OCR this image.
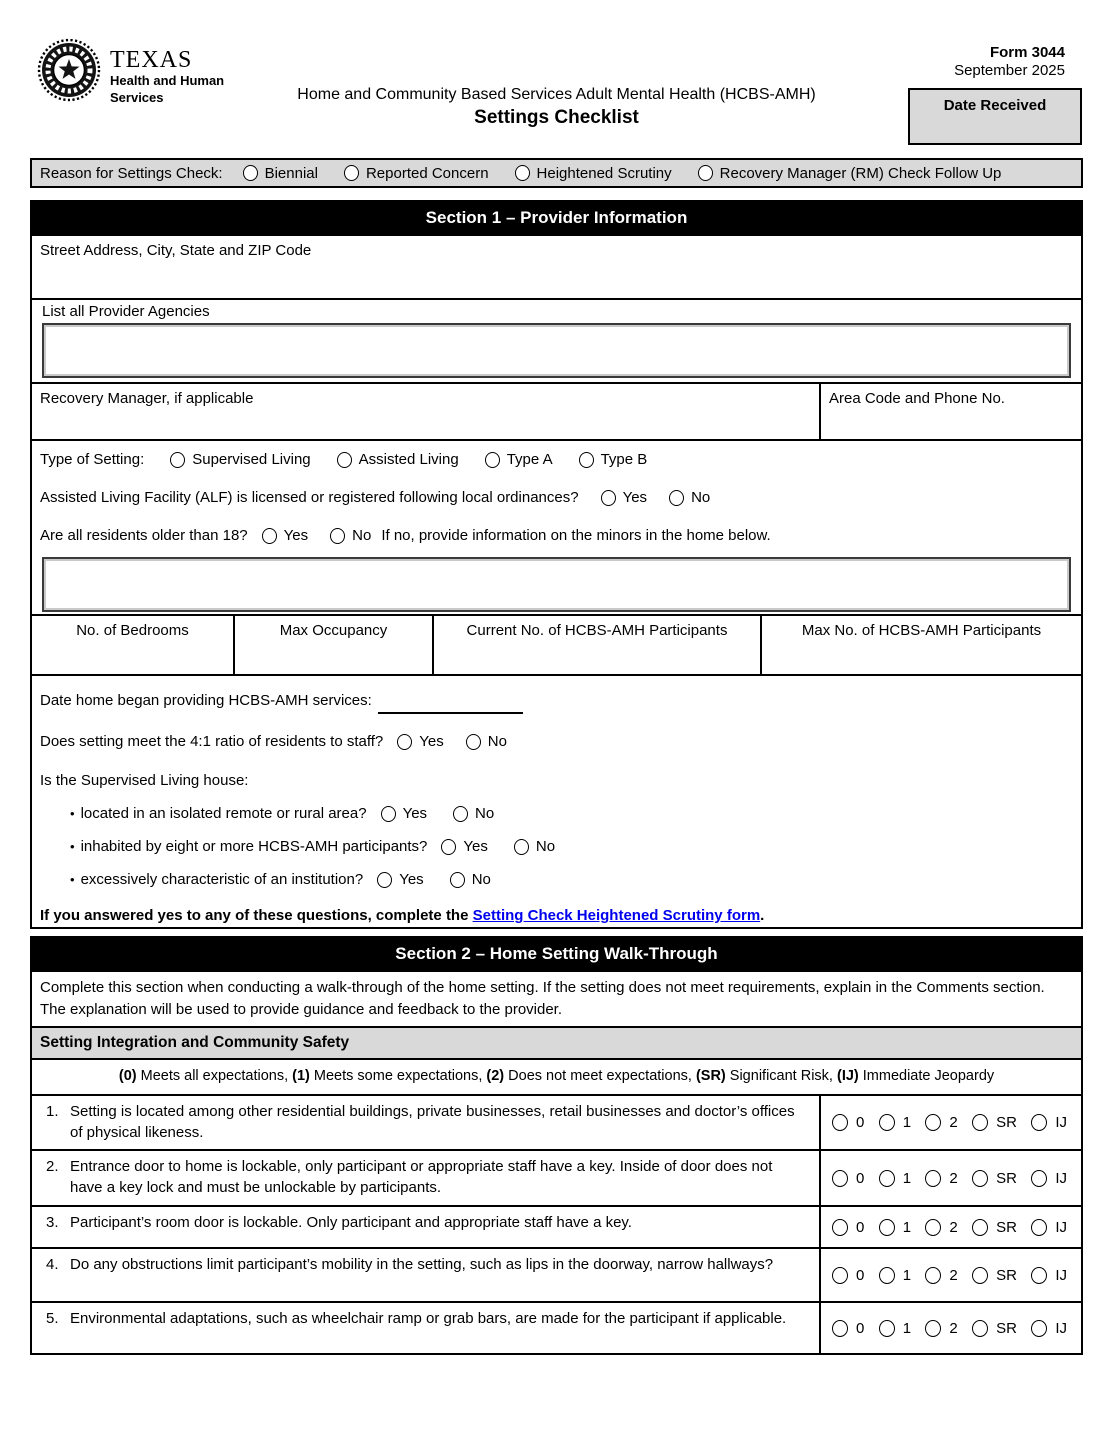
TEXAS
Health and Human
Services	Home and Community Based Services Adult Mental Health (HCBS-AMH)
Settings Checklist
Form 3044
September 2025
Date Received
Reason for Settings Check:	Biennial	Reported Concern	Heightened Scrutiny	Recovery Manager (RM) Check Follow Up
Section 1 – Provider Information
Street Address, City, State and ZIP Code
List all Provider Agencies
Recovery Manager, if applicable	Area Code and Phone No.
Type of Setting:	Supervised Living	Assisted Living	Type A	Type B
Assisted Living Facility (ALF) is licensed or registered following local ordinances?	Yes	No
Are all residents older than 18? Yes	No If no, provide information on the minors in the home below.
No. of Bedrooms	Max Occupancy	Current No. of HCBS-AMH Participants	Max No. of HCBS-AMH Participants
Date home began providing HCBS-AMH services:
Does setting meet the 4:1 ratio of residents to staff? Yes	No
Is the Supervised Living house:
• located in an isolated remote or rural area? Yes	No
• inhabited by eight or more HCBS-AMH participants? Yes	No
• excessively characteristic of an institution? Yes	No
If you answered yes to any of these questions, complete the Setting Check Heightened Scrutiny form.
Section 2 – Home Setting Walk-Through
Complete this section when conducting a walk-through of the home setting. If the setting does not meet requirements, explain in the Comments section. The explanation will be used to provide guidance and feedback to the provider.
Setting Integration and Community Safety
(0) Meets all expectations, (1) Meets some expectations, (2) Does not meet expectations, (SR) Significant Risk, (IJ) Immediate Jeopardy
1. Setting is located among other residential buildings, private businesses, retail businesses and doctor’s offices of physical likeness.
0	1	2	SR	IJ
2. Entrance door to home is lockable, only participant or appropriate staff have a key. Inside of door does not have a key lock and must be unlockable by participants.
0	1	2	SR	IJ
3. Participant’s room door is lockable. Only participant and appropriate staff have a key.	0	1	2	SR	IJ
4. Do any obstructions limit participant’s mobility in the setting, such as lips in the doorway, narrow hallways?
0	1	2	SR	IJ
5. Environmental adaptations, such as wheelchair ramp or grab bars, are made for the participant if applicable.
0	1	2	SR	IJ
